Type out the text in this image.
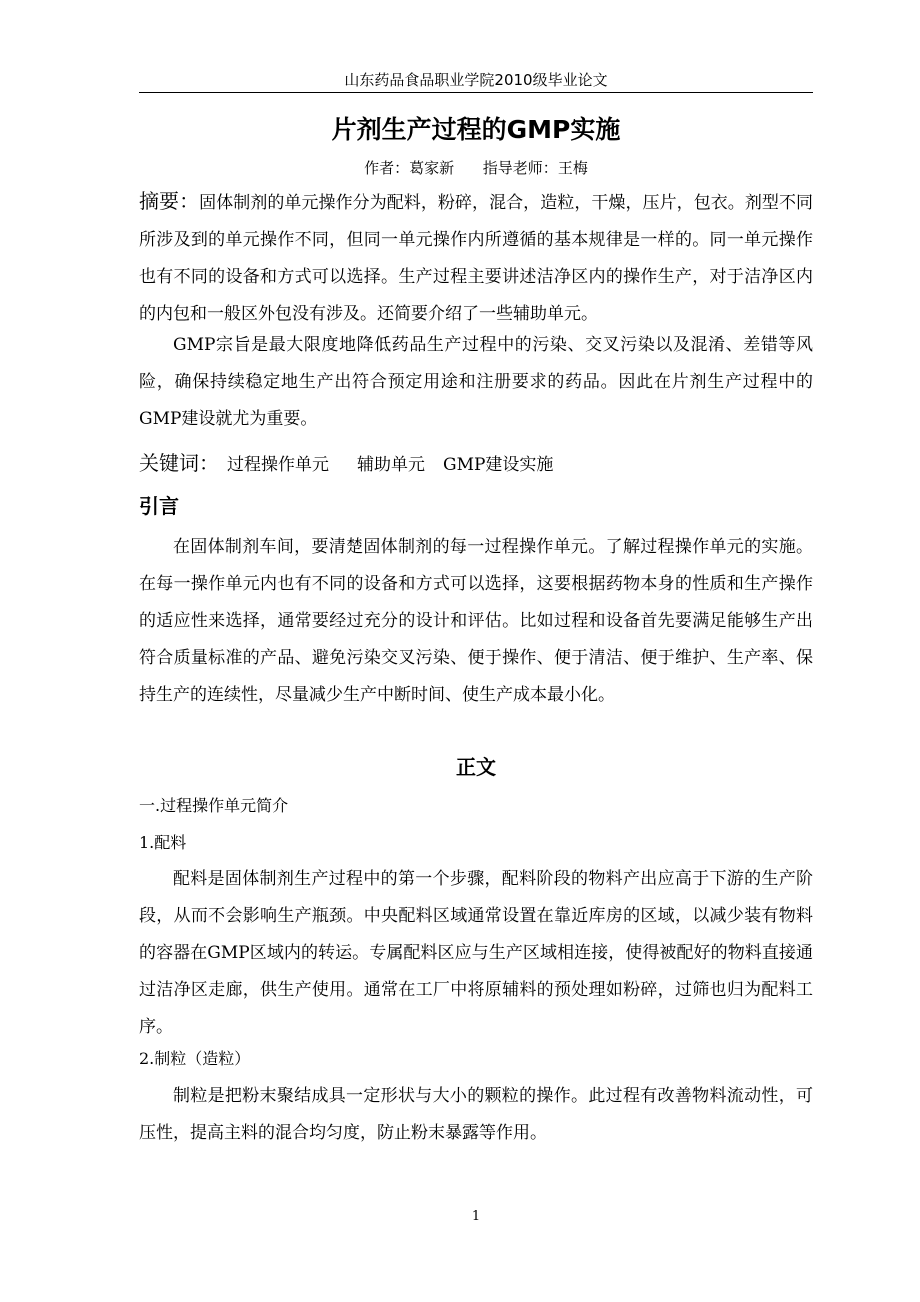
山东药品食品职业学院2010级毕业论文

片剂生产过程的GMP实施

作者：葛家新 指导老师：王梅

摘要：固体制剂的单元操作分为配料，粉碎，混合，造粒，干燥，压片，包衣。剂型不同所涉及到的单元操作不同，但同一单元操作内所遵循的基本规律是一样的。同一单元操作也有不同的设备和方式可以选择。生产过程主要讲述洁净区内的操作生产，对于洁净区内的内包和一般区外包没有涉及。还简要介绍了一些辅助单元。

GMP宗旨是最大限度地降低药品生产过程中的污染、交叉污染以及混淆、差错等风险，确保持续稳定地生产出符合预定用途和注册要求的药品。因此在片剂生产过程中的GMP建设就尤为重要。

关键词： 过程操作单元 辅助单元 GMP建设实施

引言

在固体制剂车间，要清楚固体制剂的每一过程操作单元。了解过程操作单元的实施。在每一操作单元内也有不同的设备和方式可以选择，这要根据药物本身的性质和生产操作的适应性来选择，通常要经过充分的设计和评估。比如过程和设备首先要满足能够生产出符合质量标准的产品、避免污染交叉污染、便于操作、便于清洁、便于维护、生产率、保持生产的连续性，尽量减少生产中断时间、使生产成本最小化。

正文

一.过程操作单元简介

1.配料

配料是固体制剂生产过程中的第一个步骤，配料阶段的物料产出应高于下游的生产阶段，从而不会影响生产瓶颈。中央配料区域通常设置在靠近库房的区域，以减少装有物料的容器在GMP区域内的转运。专属配料区应与生产区域相连接，使得被配好的物料直接通过洁净区走廊，供生产使用。通常在工厂中将原辅料的预处理如粉碎，过筛也归为配料工序。

2.制粒（造粒）

制粒是把粉末聚结成具一定形状与大小的颗粒的操作。此过程有改善物料流动性，可压性，提高主料的混合均匀度，防止粉末暴露等作用。

1
